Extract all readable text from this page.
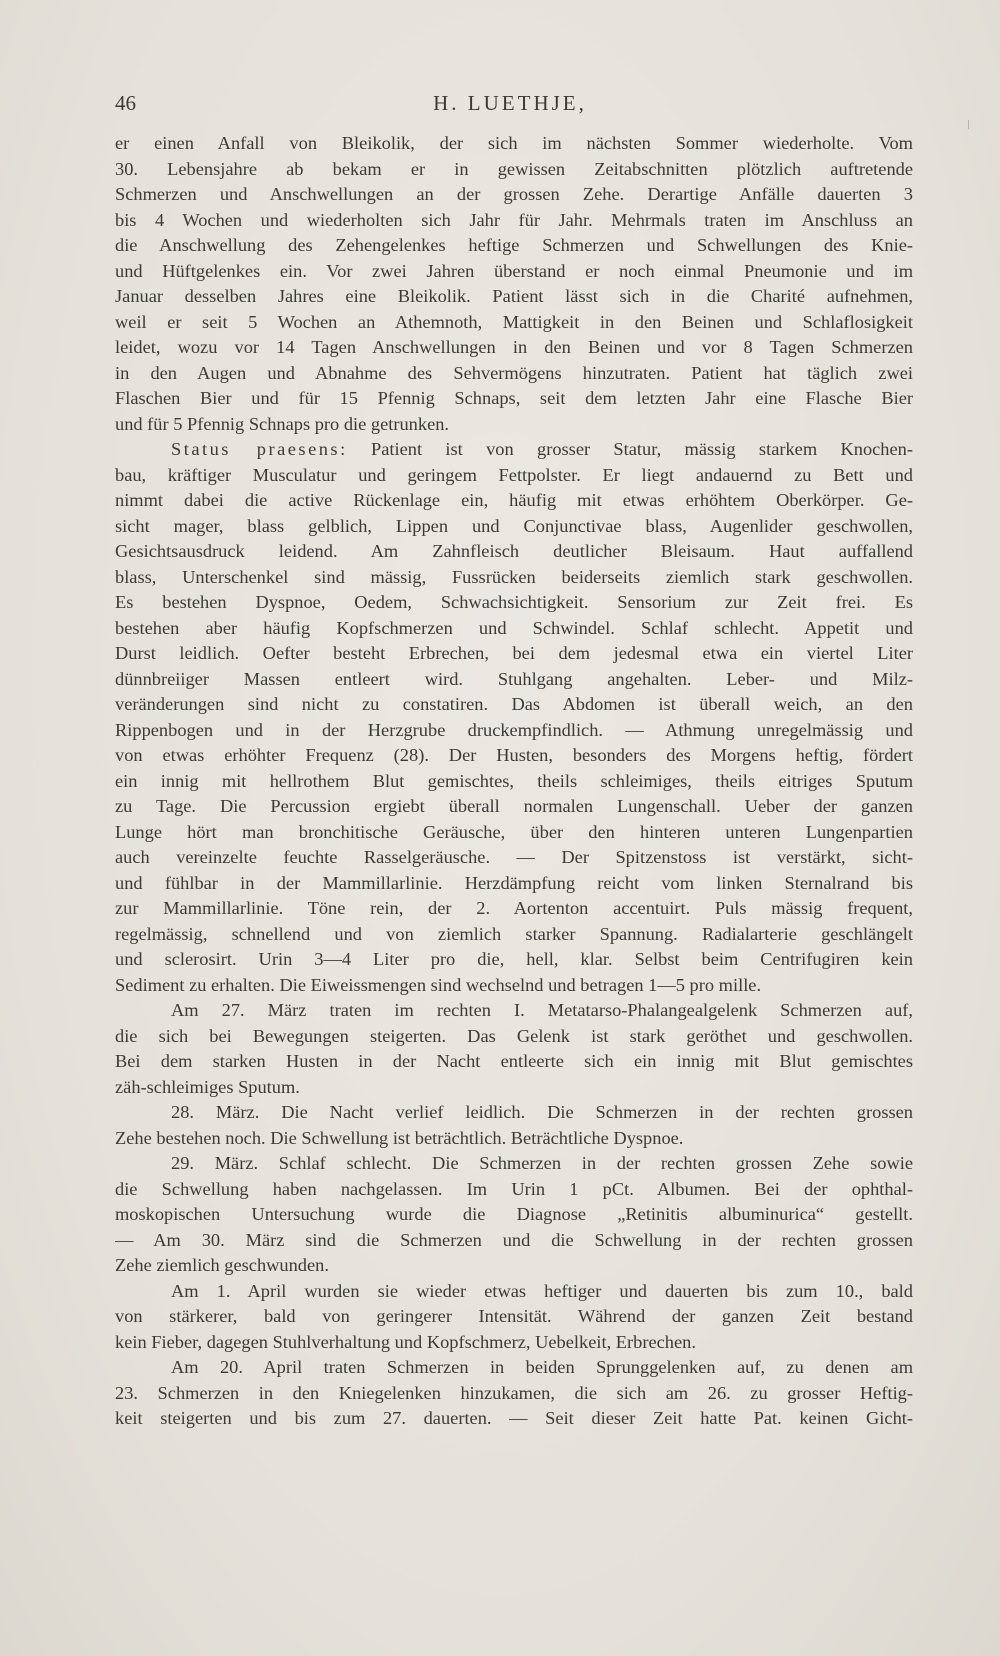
46	H. LUETHJE,
er einen Anfall von Bleikolik, der sich im nächsten Sommer wiederholte. Vom
30. Lebensjahre ab bekam er in gewissen Zeitabschnitten plötzlich auftretende
Schmerzen und Anschwellungen an der grossen Zehe. Derartige Anfälle dauerten 3
bis 4 Wochen und wiederholten sich Jahr für Jahr. Mehrmals traten im Anschluss an
die Anschwellung des Zehengelenkes heftige Schmerzen und Schwellungen des Knie-
und Hüftgelenkes ein. Vor zwei Jahren überstand er noch einmal Pneumonie und im
Januar desselben Jahres eine Bleikolik. Patient lässt sich in die Charité aufnehmen,
weil er seit 5 Wochen an Athemnoth, Mattigkeit in den Beinen und Schlaflosigkeit
leidet, wozu vor 14 Tagen Anschwellungen in den Beinen und vor 8 Tagen Schmerzen
in den Augen und Abnahme des Sehvermögens hinzutraten. Patient hat täglich zwei
Flaschen Bier und für 15 Pfennig Schnaps, seit dem letzten Jahr eine Flasche Bier
und für 5 Pfennig Schnaps pro die getrunken.
Status praesens: Patient ist von grosser Statur, mässig starkem Knochen-
bau, kräftiger Musculatur und geringem Fettpolster. Er liegt andauernd zu Bett und
nimmt dabei die active Rückenlage ein, häufig mit etwas erhöhtem Oberkörper. Ge-
sicht mager, blass gelblich, Lippen und Conjunctivae blass, Augenlider geschwollen,
Gesichtsausdruck leidend. Am Zahnfleisch deutlicher Bleisaum. Haut auffallend
blass, Unterschenkel sind mässig, Fussrücken beiderseits ziemlich stark geschwollen.
Es bestehen Dyspnoe, Oedem, Schwachsichtigkeit. Sensorium zur Zeit frei. Es
bestehen aber häufig Kopfschmerzen und Schwindel. Schlaf schlecht. Appetit und
Durst leidlich. Oefter besteht Erbrechen, bei dem jedesmal etwa ein viertel Liter
dünnbreiiger Massen entleert wird. Stuhlgang angehalten. Leber- und Milz-
veränderungen sind nicht zu constatiren. Das Abdomen ist überall weich, an den
Rippenbogen und in der Herzgrube druckempfindlich. — Athmung unregelmässig und
von etwas erhöhter Frequenz (28). Der Husten, besonders des Morgens heftig, fördert
ein innig mit hellrothem Blut gemischtes, theils schleimiges, theils eitriges Sputum
zu Tage. Die Percussion ergiebt überall normalen Lungenschall. Ueber der ganzen
Lunge hört man bronchitische Geräusche, über den hinteren unteren Lungenpartien
auch vereinzelte feuchte Rasselgeräusche. — Der Spitzenstoss ist verstärkt, sicht-
und fühlbar in der Mammillarlinie. Herzdämpfung reicht vom linken Sternalrand bis
zur Mammillarlinie. Töne rein, der 2. Aortenton accentuirt. Puls mässig frequent,
regelmässig, schnellend und von ziemlich starker Spannung. Radialarterie geschlängelt
und sclerosirt. Urin 3—4 Liter pro die, hell, klar. Selbst beim Centrifugiren kein
Sediment zu erhalten. Die Eiweissmengen sind wechselnd und betragen 1—5 pro mille.
Am 27. März traten im rechten I. Metatarso-Phalangealgelenk Schmerzen auf,
die sich bei Bewegungen steigerten. Das Gelenk ist stark geröthet und geschwollen.
Bei dem starken Husten in der Nacht entleerte sich ein innig mit Blut gemischtes
zäh-schleimiges Sputum.
28. März. Die Nacht verlief leidlich. Die Schmerzen in der rechten grossen
Zehe bestehen noch. Die Schwellung ist beträchtlich. Beträchtliche Dyspnoe.
29. März. Schlaf schlecht. Die Schmerzen in der rechten grossen Zehe sowie
die Schwellung haben nachgelassen. Im Urin 1 pCt. Albumen. Bei der ophthal-
moskopischen Untersuchung wurde die Diagnose „Retinitis albuminurica“ gestellt.
— Am 30. März sind die Schmerzen und die Schwellung in der rechten grossen
Zehe ziemlich geschwunden.
Am 1. April wurden sie wieder etwas heftiger und dauerten bis zum 10., bald
von stärkerer, bald von geringerer Intensität. Während der ganzen Zeit bestand
kein Fieber, dagegen Stuhlverhaltung und Kopfschmerz, Uebelkeit, Erbrechen.
Am 20. April traten Schmerzen in beiden Sprunggelenken auf, zu denen am
23. Schmerzen in den Kniegelenken hinzukamen, die sich am 26. zu grosser Heftig-
keit steigerten und bis zum 27. dauerten. — Seit dieser Zeit hatte Pat. keinen Gicht-
